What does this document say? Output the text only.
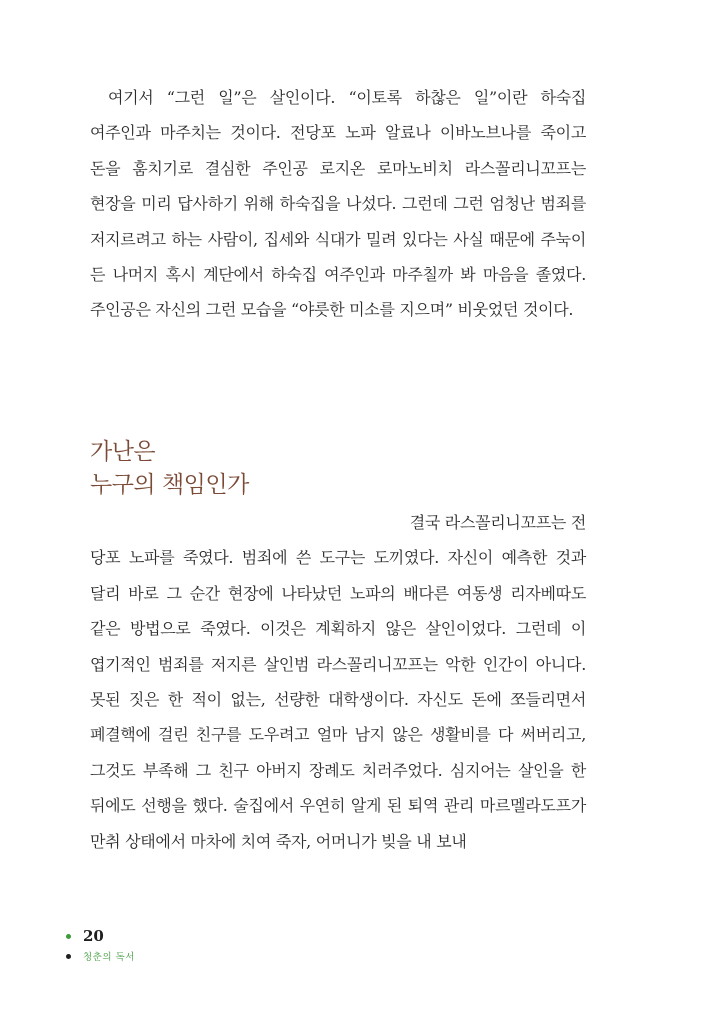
여기서 “그런 일”은 살인이다. “이토록 하찮은 일”이란 하숙집 여주인과 마주치는 것이다. 전당포 노파 알료나 이바노브나를 죽이고 돈을 훔치기로 결심한 주인공 로지온 로마노비치 라스꼴리니꼬프는 현장을 미리 답사하기 위해 하숙집을 나섰다. 그런데 그런 엄청난 범죄를 저지르려고 하는 사람이, 집세와 식대가 밀려 있다는 사실 때문에 주눅이 든 나머지 혹시 계단에서 하숙집 여주인과 마주칠까 봐 마음을 졸였다. 주인공은 자신의 그런 모습을 “야릇한 미소를 지으며” 비웃었던 것이다.

가난은
누구의 책임인가

결국 라스꼴리니꼬프는 전

당포 노파를 죽였다. 범죄에 쓴 도구는 도끼였다. 자신이 예측한 것과 달리 바로 그 순간 현장에 나타났던 노파의 배다른 여동생 리자베따도 같은 방법으로 죽였다. 이것은 계획하지 않은 살인이었다. 그런데 이 엽기적인 범죄를 저지른 살인범 라스꼴리니꼬프는 악한 인간이 아니다. 못된 짓은 한 적이 없는, 선량한 대학생이다. 자신도 돈에 쪼들리면서 폐결핵에 걸린 친구를 도우려고 얼마 남지 않은 생활비를 다 써버리고, 그것도 부족해 그 친구 아버지 장례도 치러주었다. 심지어는 살인을 한 뒤에도 선행을 했다. 술집에서 우연히 알게 된 퇴역 관리 마르멜라도프가 만취 상태에서 마차에 치여 죽자, 어머니가 빚을 내 보내

20
청춘의 독서
